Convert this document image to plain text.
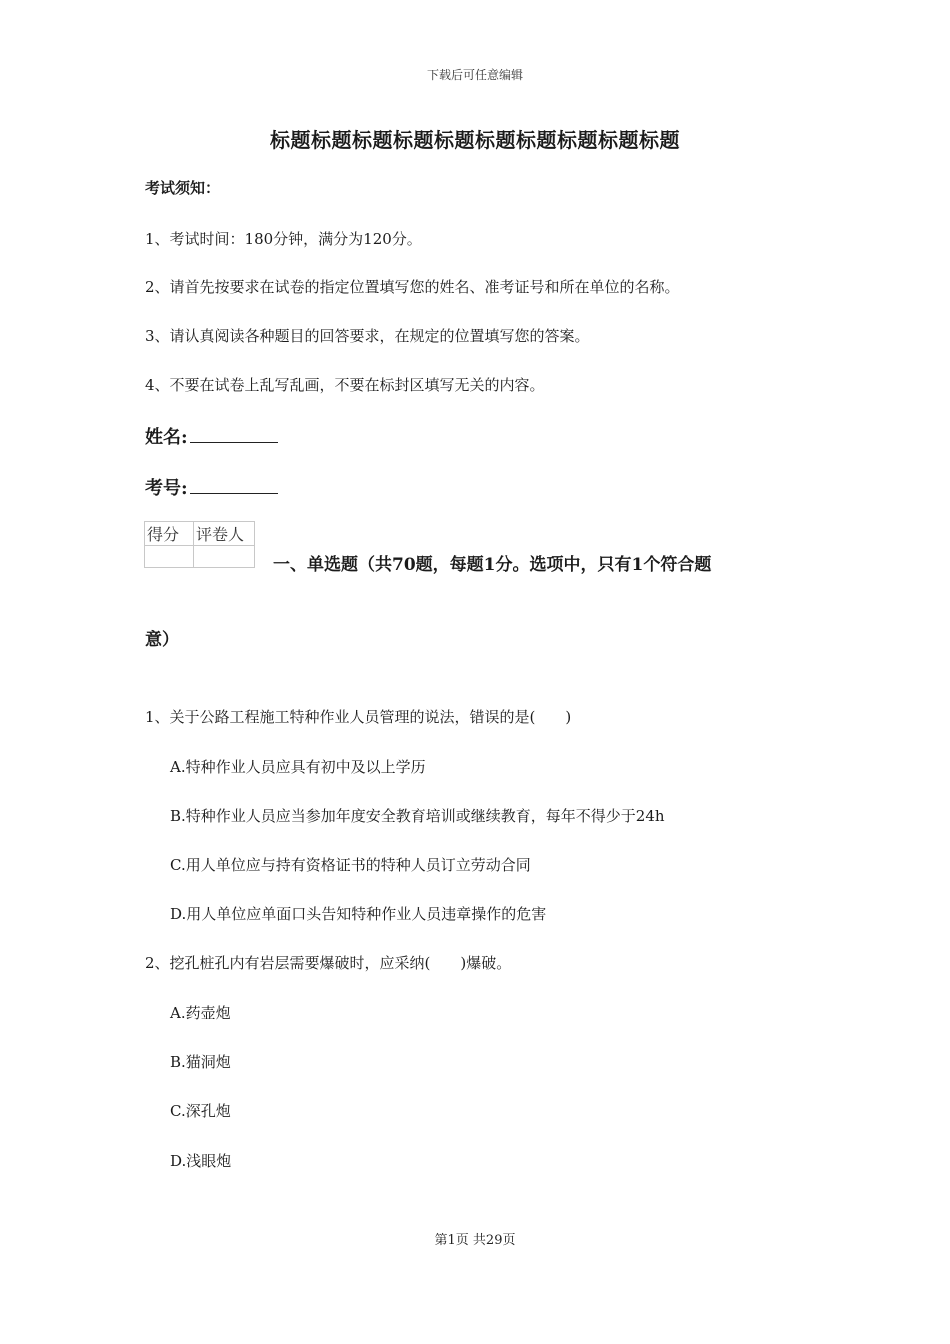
下载后可任意编辑
标题标题标题标题标题标题标题标题标题标题
考试须知：
1、考试时间：180分钟，满分为120分。
2、请首先按要求在试卷的指定位置填写您的姓名、准考证号和所在单位的名称。
3、请认真阅读各种题目的回答要求，在规定的位置填写您的答案。
4、不要在试卷上乱写乱画，不要在标封区填写无关的内容。
姓名:
考号:
得分	评卷人

一、单选题（共70题，每题1分。选项中，只有1个符合题
意）
1、关于公路工程施工特种作业人员管理的说法，错误的是(　　)
A.特种作业人员应具有初中及以上学历
B.特种作业人员应当参加年度安全教育培训或继续教育，每年不得少于24h
C.用人单位应与持有资格证书的特种人员订立劳动合同
D.用人单位应单面口头告知特种作业人员违章操作的危害
2、挖孔桩孔内有岩层需要爆破时，应采纳(　　)爆破。
A.药壶炮
B.猫洞炮
C.深孔炮
D.浅眼炮
第1页 共29页
